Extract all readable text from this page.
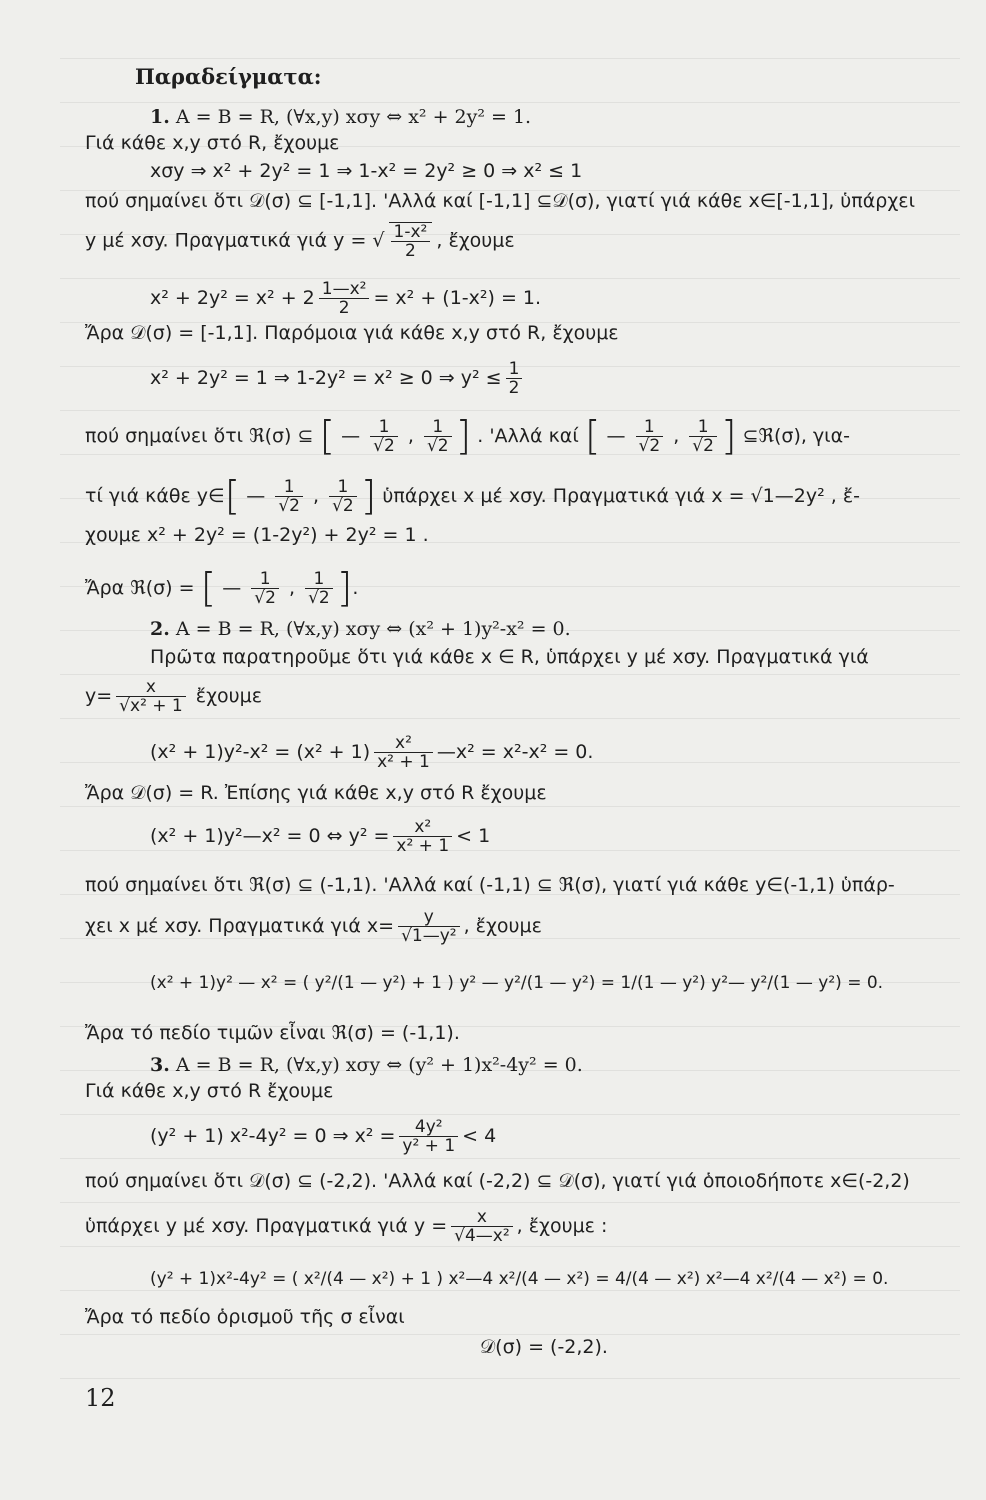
Παραδείγματα:
1. A = B = R, (∀x,y) xσy ⇔ x² + 2y² = 1.
Γιά κάθε x,y στό R, ἔχουμε
xσy ⇒ x² + 2y² = 1 ⇒ 1-x² = 2y² ≥ 0 ⇒ x² ≤ 1
πού σημαίνει ὅτι 𝒟(σ) ⊆ [-1,1]. 'Αλλά καί [-1,1] ⊆𝒟(σ), γιατί γιά κάθε x∈[-1,1], ὑπάρχει
y μέ xσy. Πραγματικά γιά y = √ $\frac{\text{1-x²}}{2}$ , ἔχουμε
$x^2 + 2y^2 = x^2 + 2 \frac{\text{1—x²}}{2} = x^2 + (1-x^2) = 1$.
Ἄρα 𝒟(σ) = [-1,1]. Παρόμοια γιά κάθε x,y στό R, ἔχουμε
x² + 2y² = 1 ⇒ 1-2y² = x² ≥ 0 ⇒ $y^2 \le \frac{1}{2}$
πού σημαίνει ὅτι ℜ(σ) ⊆ [ — $\frac{1}{√2}$ , $\frac{1}{√2}$ ] . 'Αλλά καί [ — $\frac{1}{√2}$ , $\frac{1}{√2}$ ] ⊆ℜ(σ), για-
τί γιά κάθε y∈[ — $\frac{1}{√2}$ , $\frac{1}{√2}$ ] ὑπάρχει x μέ xσy. Πραγματικά γιά x = √1—2y² , ἔ-
χουμε x² + 2y² = (1-2y²) + 2y² = 1 .
Ἄρα ℜ(σ) = [ — $\frac{1}{√2}$ , $\frac{1}{√2}$ ].
2. A = B = R, (∀x,y) xσy ⇔ (x² + 1)y²-x² = 0.
Πρῶτα παρατηροῦμε ὅτι γιά κάθε x ∈ R, ὑπάρχει y μέ xσy. Πραγματικά γιά
$y= \frac{x}{\text{√x² + 1}}$ ἔχουμε
$(x^2 + 1)y^2-x^2 = (x^2 + 1) \frac{\text{x²}}{\text{x² + 1}}$ —x² = x²-x² = 0.
Ἄρα 𝒟(σ) = R. Ἐπίσης γιά κάθε x,y στό R ἔχουμε
(x² + 1)y²—x² = 0 ⇔ $y^2 = \frac{\text{x²}}{\text{x² + 1}} < 1$
πού σημαίνει ὅτι ℜ(σ) ⊆ (-1,1). 'Αλλά καί (-1,1) ⊆ ℜ(σ), γιατί γιά κάθε y∈(-1,1) ὑπάρ-
χει x μέ xσy. Πραγματικά γιά $x= \frac{y}{\text{√1—y²}}$ , ἔχουμε
(x² + 1)y² — x² = ( y²/(1 — y²) + 1 ) y² — y²/(1 — y²) = 1/(1 — y²) y²— y²/(1 — y²) = 0.
Ἄρα τό πεδίο τιμῶν εἶναι ℜ(σ) = (-1,1).
3. A = B = R, (∀x,y) xσy ⇔ (y² + 1)x²-4y² = 0.
Γιά κάθε x,y στό R ἔχουμε
(y² + 1) x²-4y² = 0 ⇒ $x^2 = \frac{\text{4y²}}{\text{y² + 1}} < 4$
πού σημαίνει ὅτι 𝒟(σ) ⊆ (-2,2). 'Αλλά καί (-2,2) ⊆ 𝒟(σ), γιατί γιά ὁποιοδήποτε x∈(-2,2)
ὑπάρχει y μέ xσy. Πραγματικά γιά $y = \frac{x}{\text{√4—x²}}$ , ἔχουμε :
(y² + 1)x²-4y² = ( x²/(4 — x²) + 1 ) x²—4 x²/(4 — x²) = 4/(4 — x²) x²—4 x²/(4 — x²) = 0.
Ἄρα τό πεδίο ὁρισμοῦ τῆς σ εἶναι
𝒟(σ) = (-2,2).
12
